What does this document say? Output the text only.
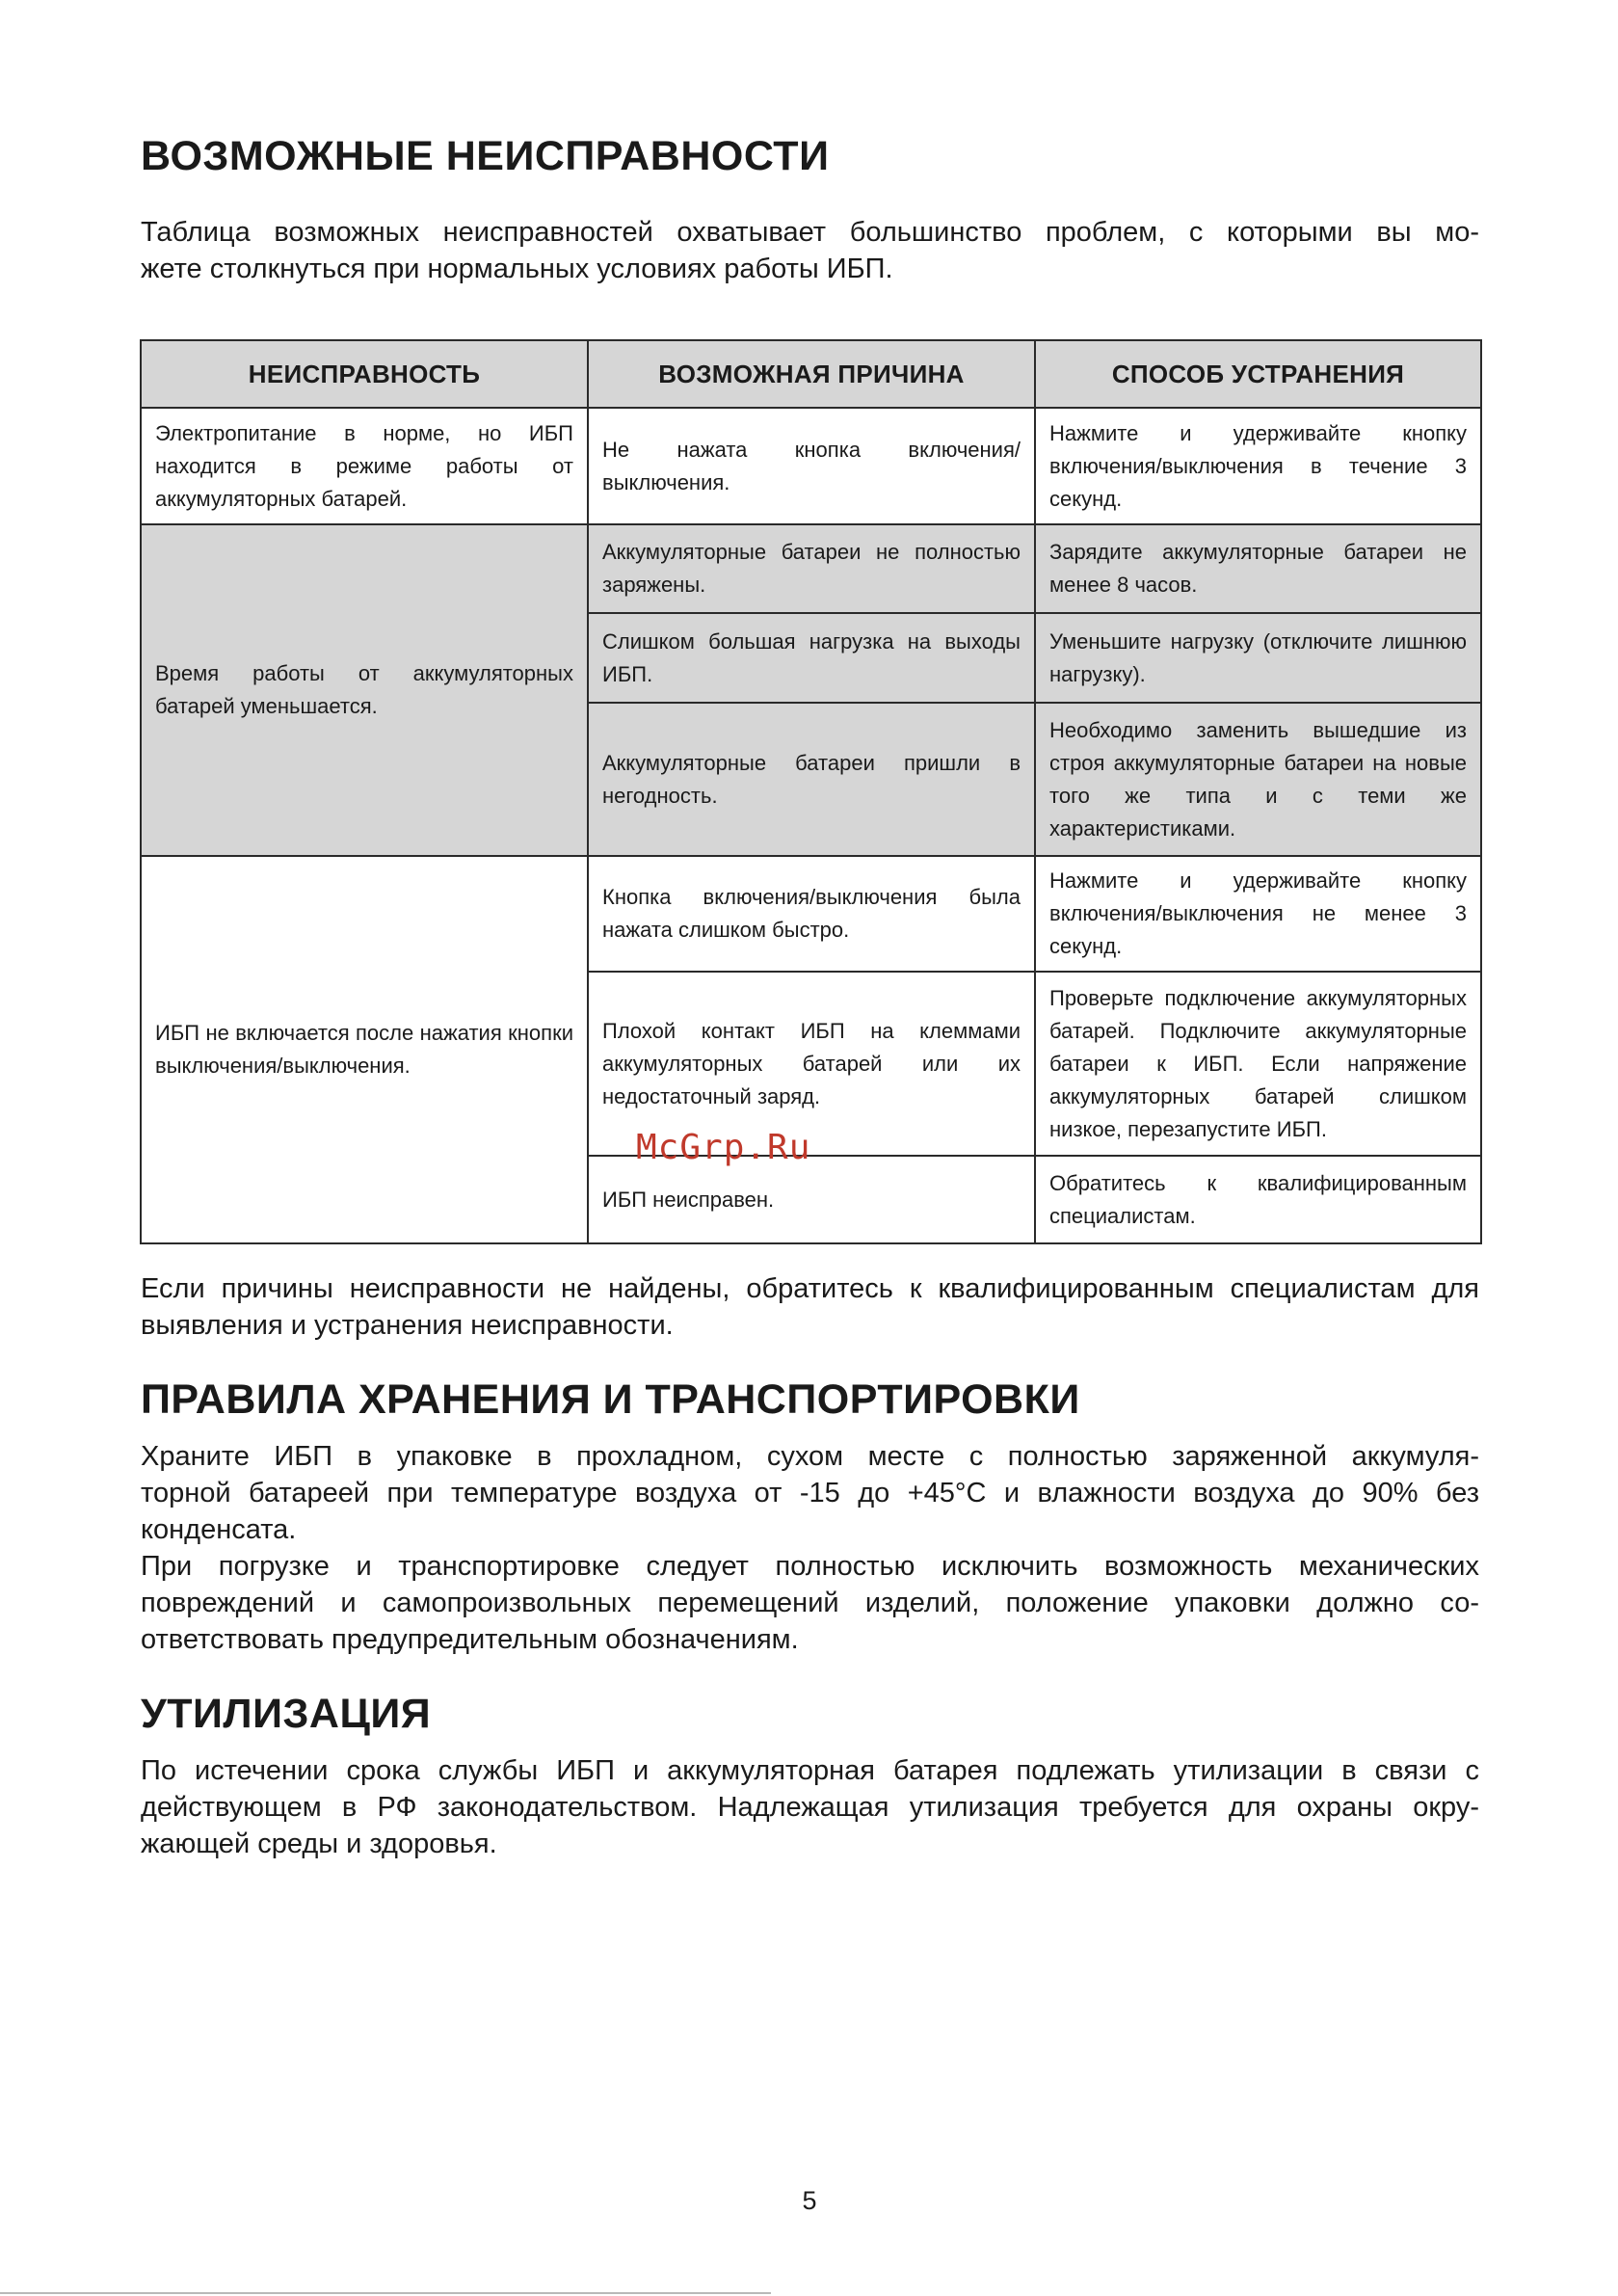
ВОЗМОЖНЫЕ НЕИСПРАВНОСТИ

Таблица возможных неисправностей охватывает большинство проблем, с которыми вы мо-
жете столкнуться при нормальных условиях работы ИБП.

НЕИСПРАВНОСТЬ	ВОЗМОЖНАЯ ПРИЧИНА	СПОСОБ УСТРАНЕНИЯ

Электропитание в норме, но ИБП находится в режиме работы от аккумуляторных батарей.	Не нажата кнопка включения/выключения.	Нажмите и удерживайте кнопку включения/выключения в течение 3 секунд.

Время работы от аккумуляторных батарей уменьшается.	Аккумуляторные батареи не полностью заряжены.	Зарядите аккумуляторные батареи не менее 8 часов.

	Слишком большая нагрузка на выходы ИБП.	Уменьшите нагрузку (отключите лишнюю нагрузку).

	Аккумуляторные батареи пришли в негодность.	Необходимо заменить вышедшие из строя аккумуляторные батареи на новые того же типа и с теми же характеристиками.

ИБП не включается после нажатия кнопки выключения/выключения.	Кнопка включения/выключения была нажата слишком быстро.	Нажмите и удерживайте кнопку включения/выключения не менее 3 секунд.

	Плохой контакт ИБП на клеммами аккумуляторных батарей или их недостаточный заряд.	Проверьте подключение аккумуляторных батарей. Подключите аккумуляторные батареи к ИБП. Если напряжение аккумуляторных батарей слишком низкое, перезапустите ИБП.

	ИБП неисправен.	Обратитесь к квалифицированным специалистам.
McGrp.Ru

Если причины неисправности не найдены, обратитесь к квалифицированным специалистам для
выявления и устранения неисправности.

ПРАВИЛА ХРАНЕНИЯ И ТРАНСПОРТИРОВКИ

Храните ИБП в упаковке в прохладном, сухом месте с полностью заряженной аккумуля-
торной батареей при температуре воздуха от -15 до +45°С и влажности воздуха до 90% без
конденсата.
При погрузке и транспортировке следует полностью исключить возможность механических
повреждений и самопроизвольных перемещений изделий, положение упаковки должно со-
ответствовать предупредительным обозначениям.

УТИЛИЗАЦИЯ

По истечении срока службы ИБП и аккумуляторная батарея подлежать утилизации в связи с
действующем в РФ законодательством. Надлежащая утилизация требуется для охраны окру-
жающей среды и здоровья.

5
